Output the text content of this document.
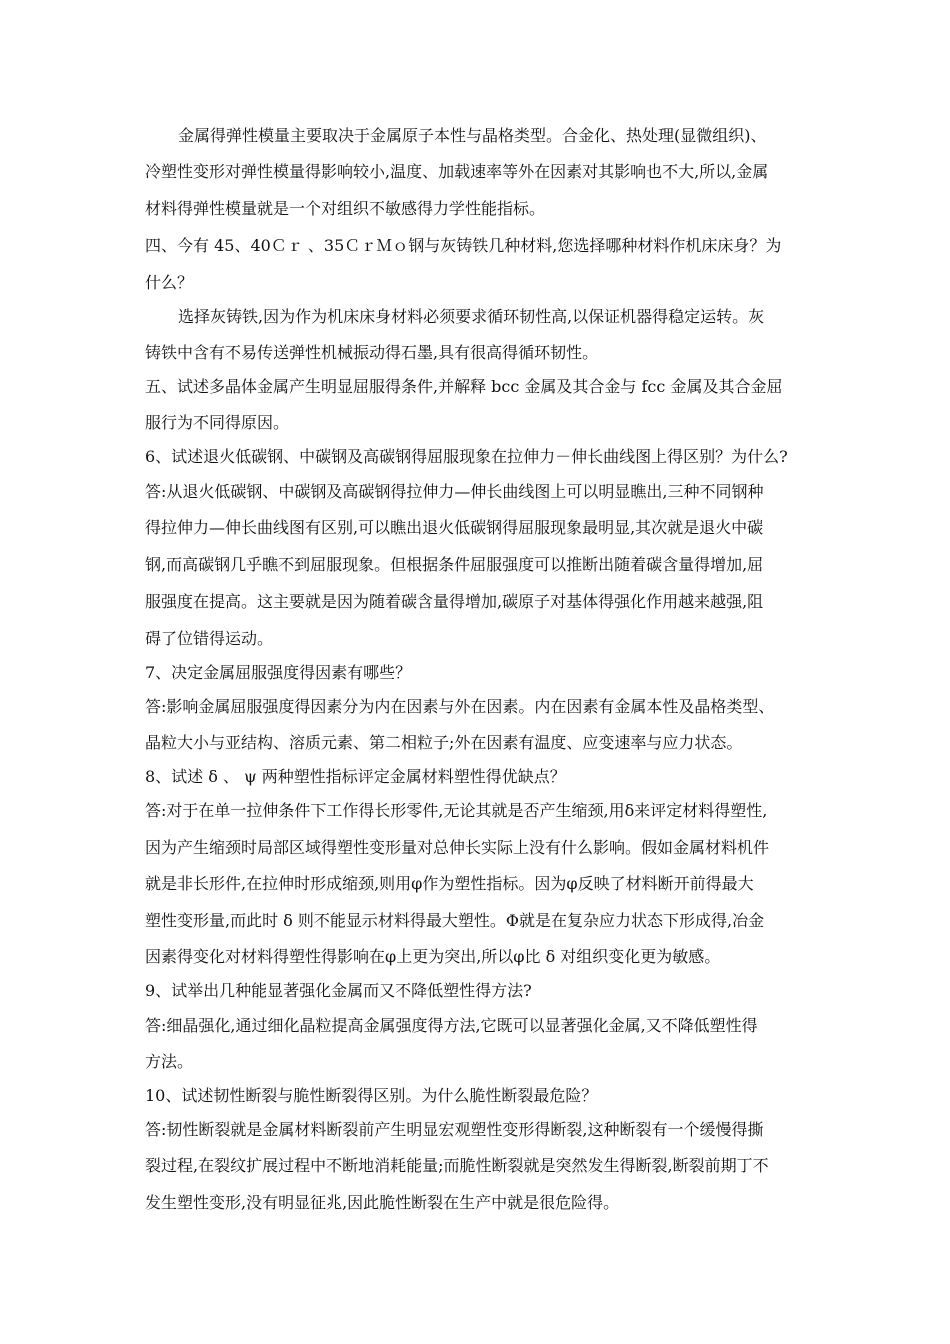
金属得弹性模量主要取决于金属原子本性与晶格类型。合金化、热处理(显微组织)、
冷塑性变形对弹性模量得影响较小,温度、加载速率等外在因素对其影响也不大,所以,金属
材料得弹性模量就是一个对组织不敏感得力学性能指标。
四、今有 45、40Ｃｒ 、35ＣｒＭｏ钢与灰铸铁几种材料,您选择哪种材料作机床床身？为
什么？
选择灰铸铁,因为作为机床床身材料必须要求循环韧性高,以保证机器得稳定运转。灰
铸铁中含有不易传送弹性机械振动得石墨,具有很高得循环韧性。
五、试述多晶体金属产生明显屈服得条件,并解释 bcc 金属及其合金与 fcc 金属及其合金屈
服行为不同得原因。
6、试述退火低碳钢、中碳钢及高碳钢得屈服现象在拉伸力－伸长曲线图上得区别？为什么?
答:从退火低碳钢、中碳钢及高碳钢得拉伸力—伸长曲线图上可以明显瞧出,三种不同钢种
得拉伸力—伸长曲线图有区别,可以瞧出退火低碳钢得屈服现象最明显,其次就是退火中碳
钢,而高碳钢几乎瞧不到屈服现象。但根据条件屈服强度可以推断出随着碳含量得增加,屈
服强度在提高。这主要就是因为随着碳含量得增加,碳原子对基体得强化作用越来越强,阻
碍了位错得运动。
7、决定金属屈服强度得因素有哪些？
答:影响金属屈服强度得因素分为内在因素与外在因素。内在因素有金属本性及晶格类型、
晶粒大小与亚结构、溶质元素、第二相粒子;外在因素有温度、应变速率与应力状态。
8、试述 δ 、 ψ 两种塑性指标评定金属材料塑性得优缺点？
答:对于在单一拉伸条件下工作得长形零件,无论其就是否产生缩颈,用δ来评定材料得塑性,
因为产生缩颈时局部区域得塑性变形量对总伸长实际上没有什么影响。假如金属材料机件
就是非长形件,在拉伸时形成缩颈,则用φ作为塑性指标。因为φ反映了材料断开前得最大
塑性变形量,而此时 δ 则不能显示材料得最大塑性。Φ就是在复杂应力状态下形成得,冶金
因素得变化对材料得塑性得影响在φ上更为突出,所以φ比 δ 对组织变化更为敏感。
9、试举出几种能显著强化金属而又不降低塑性得方法?
答:细晶强化,通过细化晶粒提高金属强度得方法,它既可以显著强化金属,又不降低塑性得
方法。
10、试述韧性断裂与脆性断裂得区别。为什么脆性断裂最危险？
答:韧性断裂就是金属材料断裂前产生明显宏观塑性变形得断裂,这种断裂有一个缓慢得撕
裂过程,在裂纹扩展过程中不断地消耗能量;而脆性断裂就是突然发生得断裂,断裂前期丁不
发生塑性变形,没有明显征兆,因此脆性断裂在生产中就是很危险得。
